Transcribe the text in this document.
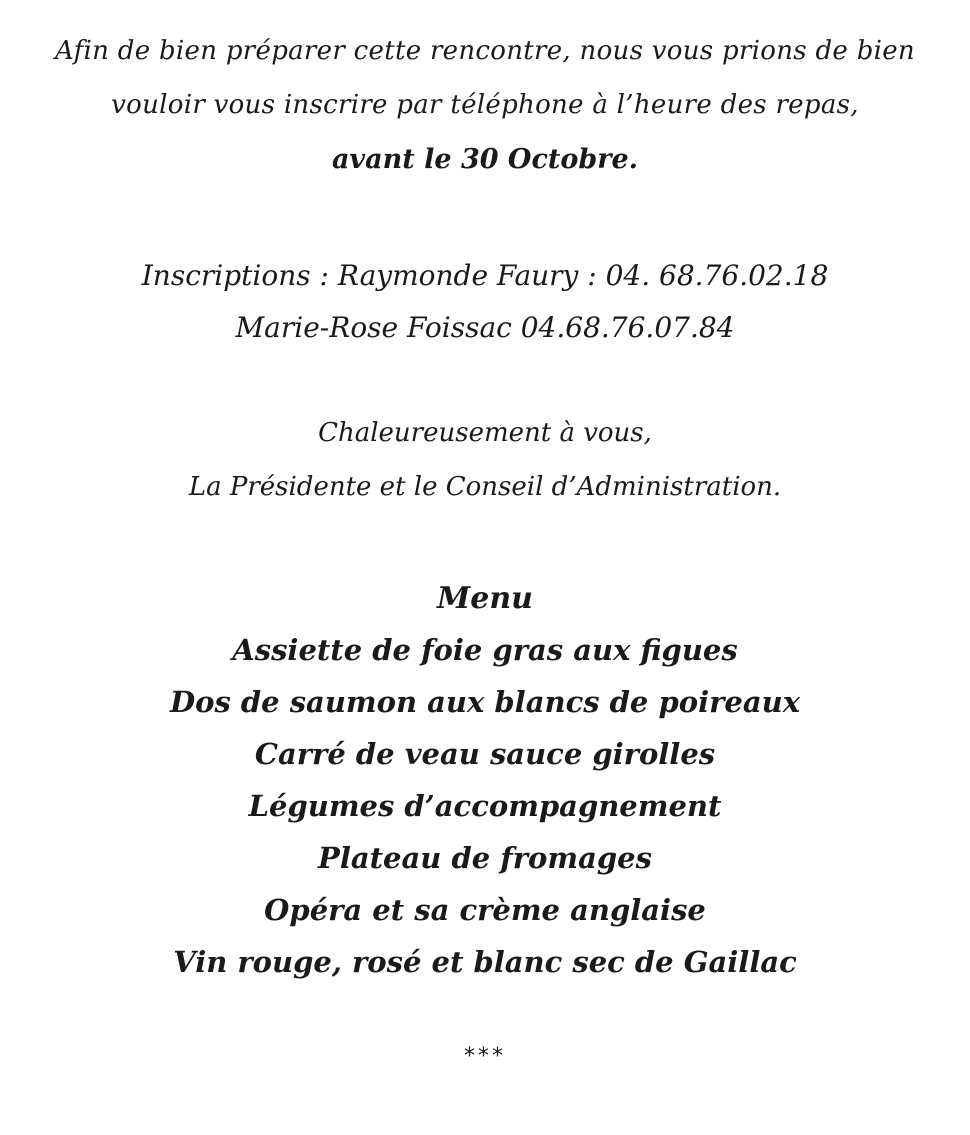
Afin de bien préparer cette rencontre, nous vous prions de bien
vouloir vous inscrire par téléphone à l’heure des repas,
avant le 30 Octobre.
Inscriptions : Raymonde Faury : 04. 68.76.02.18
Marie-Rose Foissac 04.68.76.07.84
Chaleureusement à vous,
La Présidente et le Conseil d’Administration.
Menu
Assiette de foie gras aux figues
Dos de saumon aux blancs de poireaux
Carré de veau sauce girolles
Légumes d’accompagnement
Plateau de fromages
Opéra et sa crème anglaise
Vin rouge, rosé et blanc sec de Gaillac
***
